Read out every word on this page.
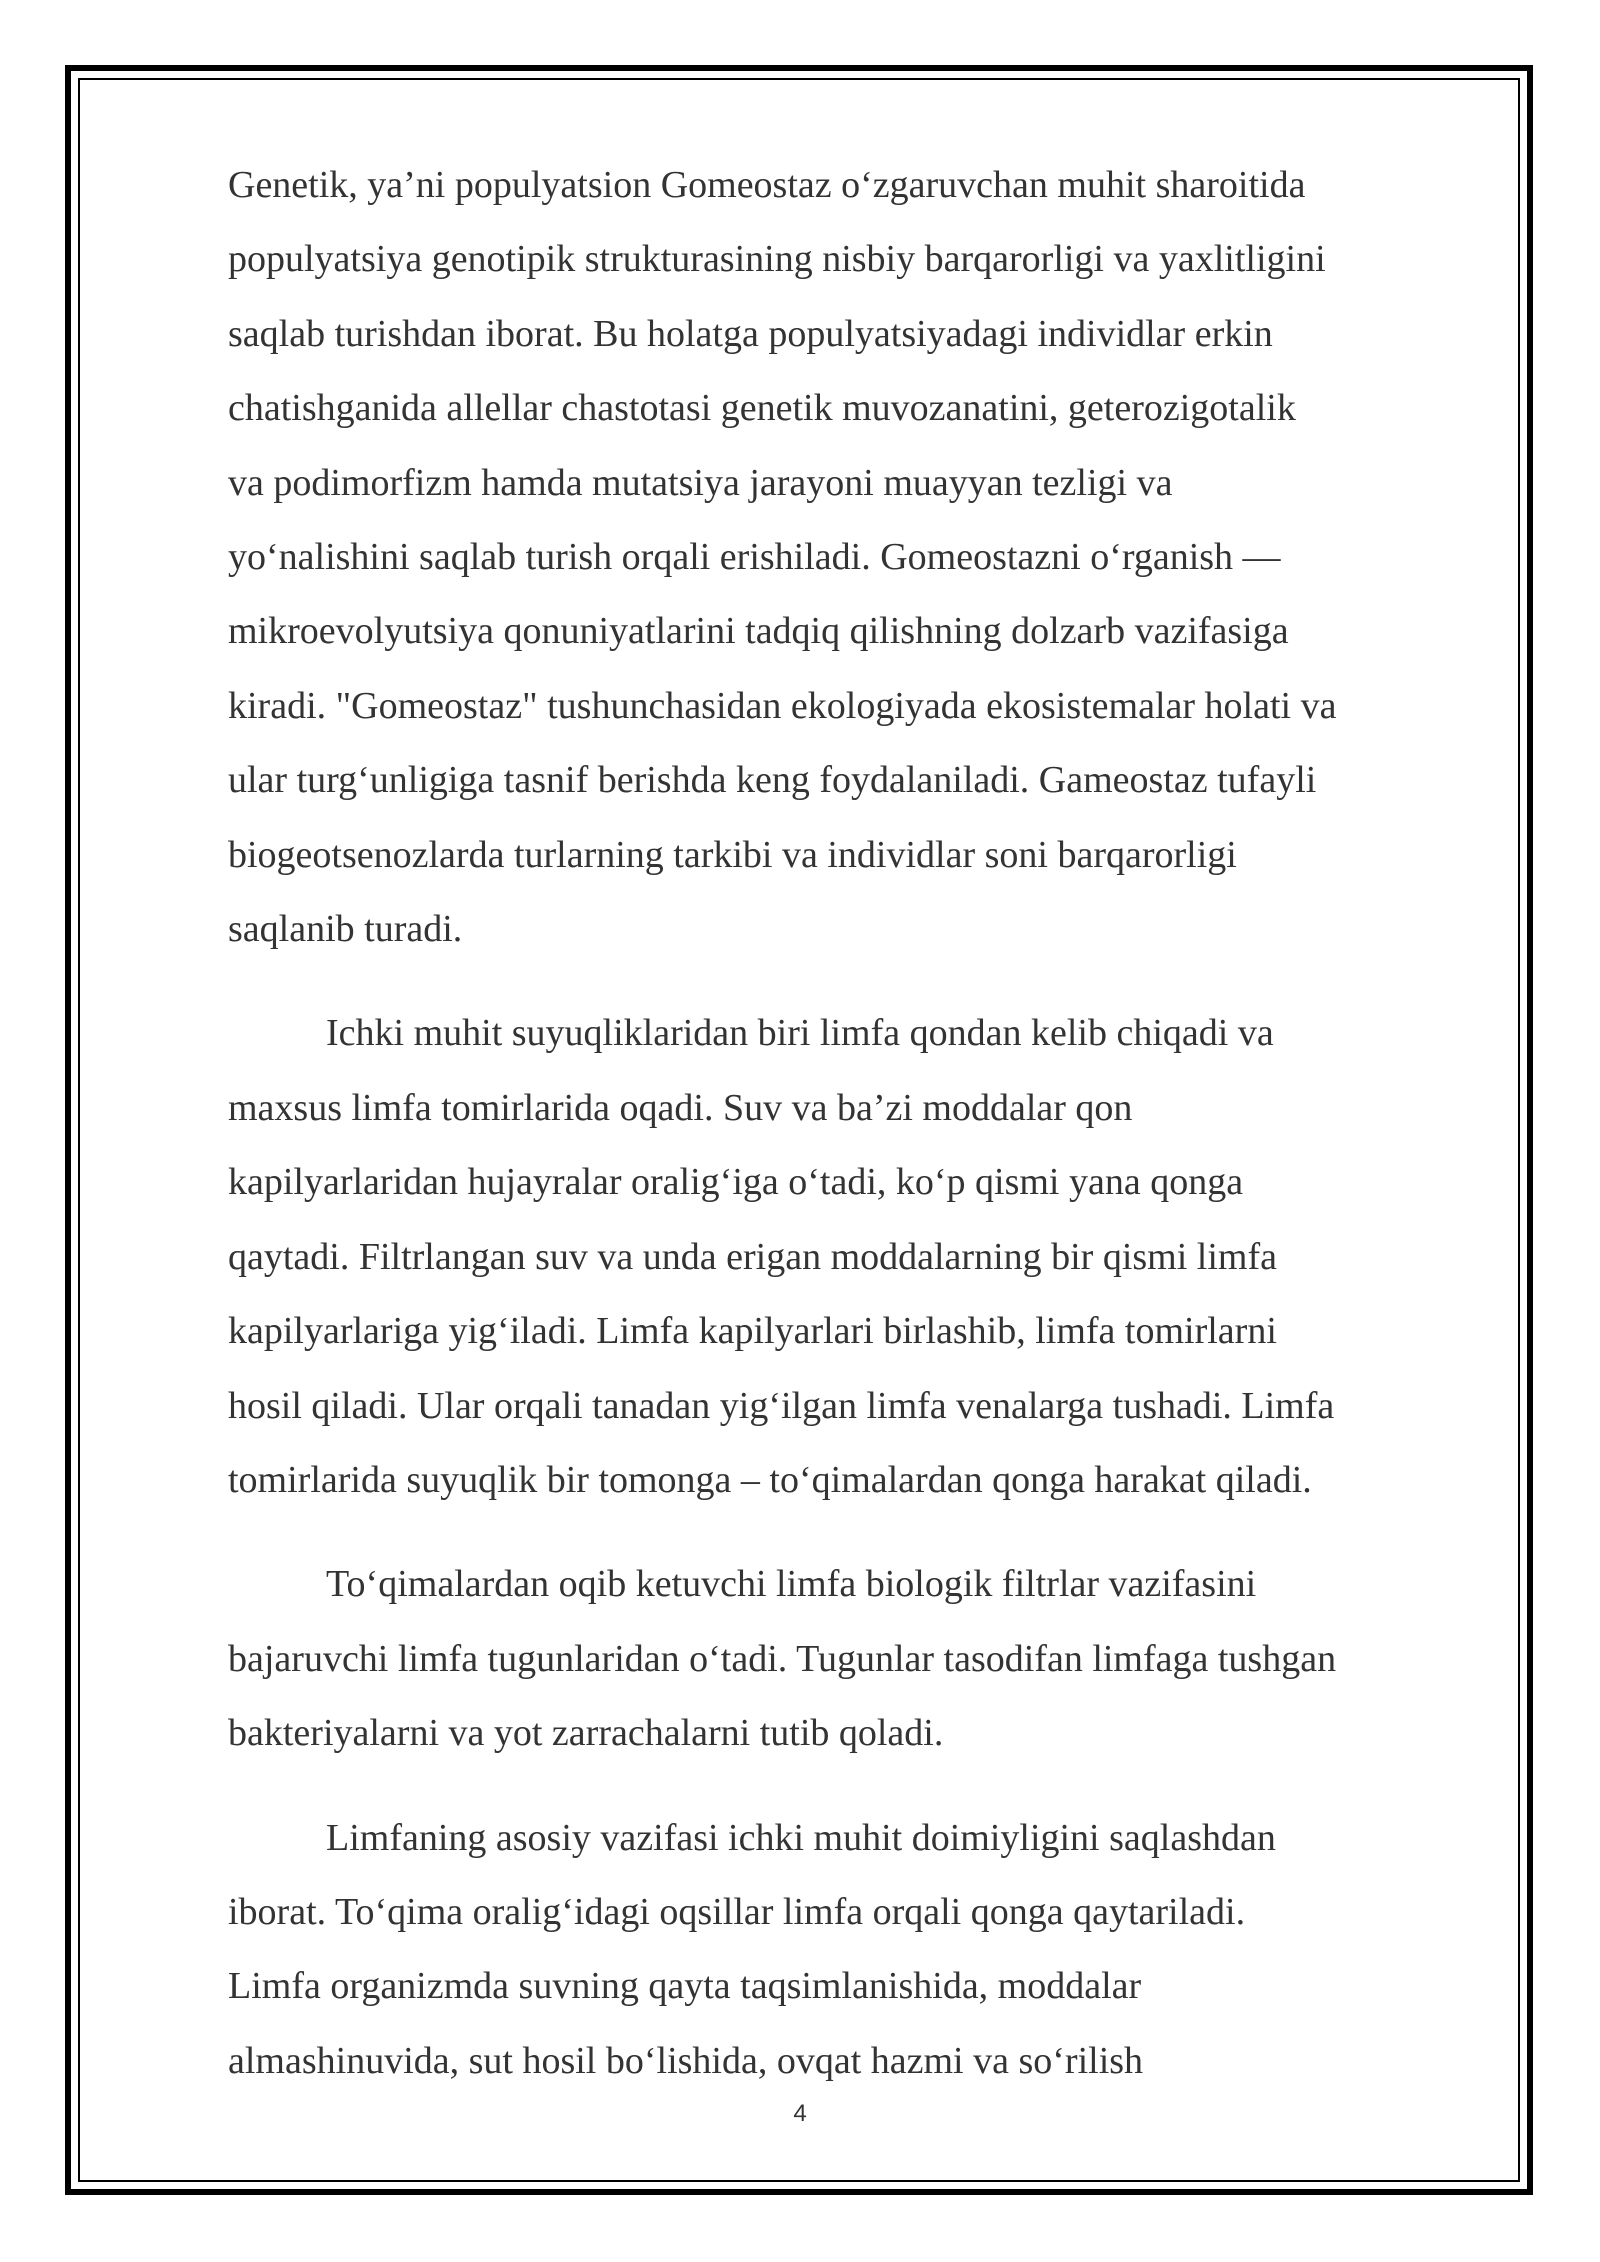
Genetik, ya’ni populyatsion Gomeostaz oʻzgaruvchan muhit sharoitida
populyatsiya genotipik strukturasining nisbiy barqarorligi va yaxlitligini
saqlab turishdan iborat. Bu holatga populyatsiyadagi individlar erkin
chatishganida allellar chastotasi genetik muvozanatini, geterozigotalik
va podimorfizm hamda mutatsiya jarayoni muayyan tezligi va
yoʻnalishini saqlab turish orqali erishiladi. Gomeostazni oʻrganish —
mikroevolyutsiya qonuniyatlarini tadqiq qilishning dolzarb vazifasiga
kiradi. "Gomeostaz" tushunchasidan ekologiyada ekosistemalar holati va
ular turgʻunligiga tasnif berishda keng foydalaniladi. Gameostaz tufayli
biogeotsenozlarda turlarning tarkibi va individlar soni barqarorligi
saqlanib turadi.

Ichki muhit suyuqliklaridan biri limfa qondan kelib chiqadi va
maxsus limfa tomirlarida oqadi. Suv va ba’zi moddalar qon
kapilyarlaridan hujayralar oraligʻiga oʻtadi, koʻp qismi yana qonga
qaytadi. Filtrlangan suv va unda erigan moddalarning bir qismi limfa
kapilyarlariga yigʻiladi. Limfa kapilyarlari birlashib, limfa tomirlarni
hosil qiladi. Ular orqali tanadan yigʻilgan limfa venalarga tushadi. Limfa
tomirlarida suyuqlik bir tomonga – toʻqimalardan qonga harakat qiladi.

Toʻqimalardan oqib ketuvchi limfa biologik filtrlar vazifasini
bajaruvchi limfa tugunlaridan oʻtadi. Tugunlar tasodifan limfaga tushgan
bakteriyalarni va yot zarrachalarni tutib qoladi.

Limfaning asosiy vazifasi ichki muhit doimiyligini saqlashdan
iborat. Toʻqima oraligʻidagi oqsillar limfa orqali qonga qaytariladi.
Limfa organizmda suvning qayta taqsimlanishida, moddalar
almashinuvida, sut hosil boʻlishida, ovqat hazmi va soʻrilish

4
